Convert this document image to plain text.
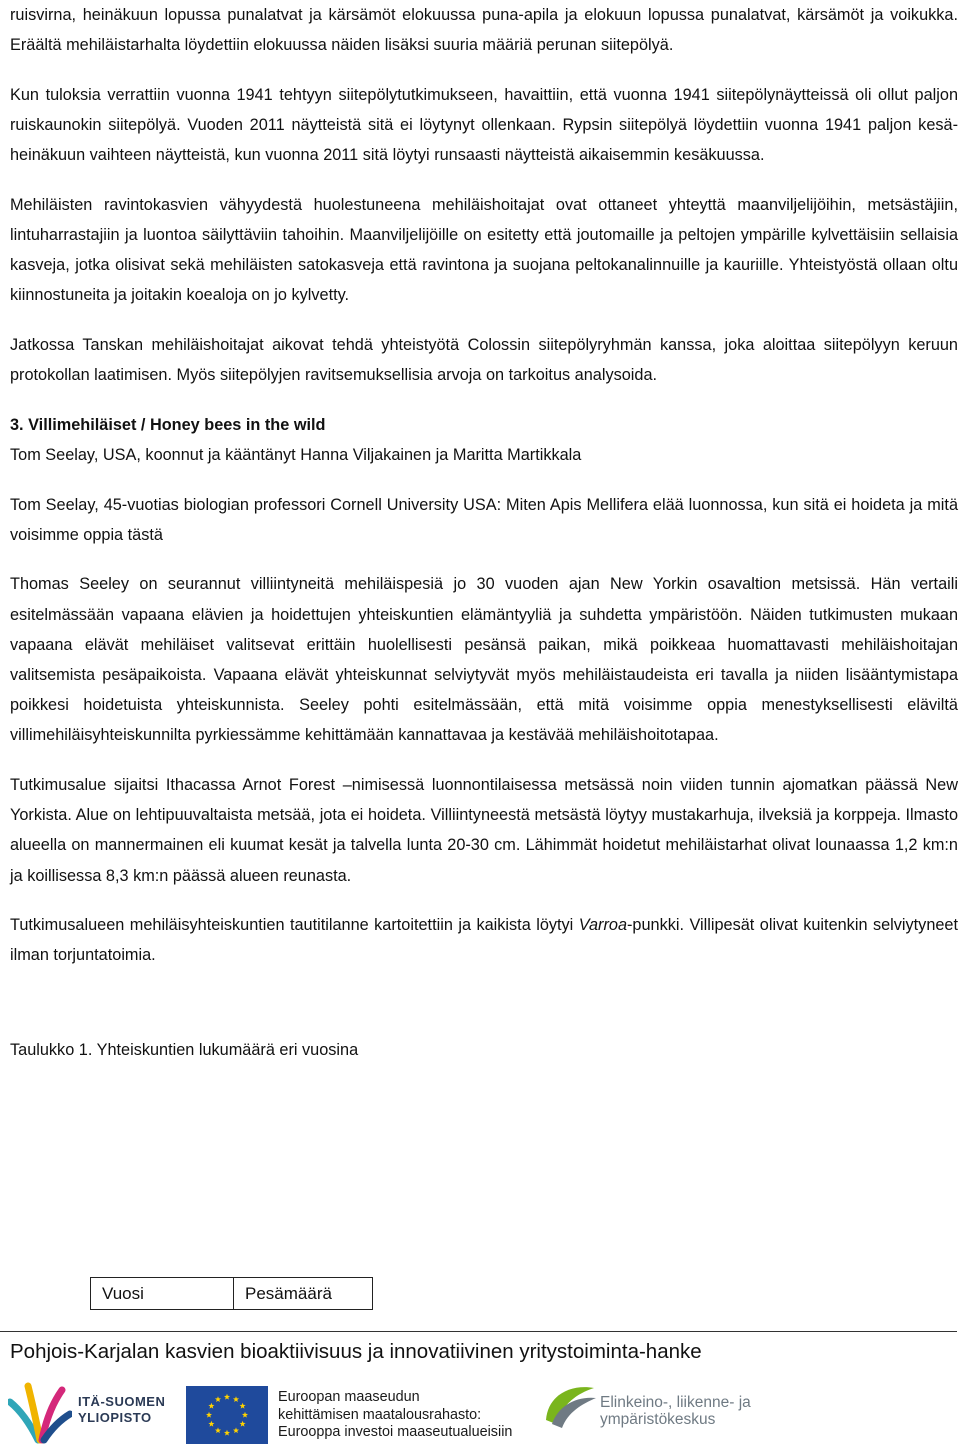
ruisvirna, heinäkuun lopussa punalatvat ja kärsämöt elokuussa puna-apila ja elokuun lopussa punalatvat, kärsämöt ja voikukka. Eräältä mehiläistarhalta löydettiin elokuussa näiden lisäksi suuria määriä perunan siitepölyä.

Kun tuloksia verrattiin vuonna 1941 tehtyyn siitepölytutkimukseen, havaittiin, että vuonna 1941 siitepölynäytteissä oli ollut paljon ruiskaunokin siitepölyä. Vuoden 2011 näytteistä sitä ei löytynyt ollenkaan. Rypsin siitepölyä löydettiin vuonna 1941 paljon kesä-heinäkuun vaihteen näytteistä, kun vuonna 2011 sitä löytyi runsaasti näytteistä aikaisemmin kesäkuussa.

Mehiläisten ravintokasvien vähyydestä huolestuneena mehiläishoitajat ovat ottaneet yhteyttä maanviljelijöihin, metsästäjiin, lintuharrastajiin ja luontoa säilyttäviin tahoihin. Maanviljelijöille on esitetty että joutomaille ja peltojen ympärille kylvettäisiin sellaisia kasveja, jotka olisivat sekä mehiläisten satokasveja että ravintona ja suojana peltokanalinnuille ja kauriille. Yhteistyöstä ollaan oltu kiinnostuneita ja joitakin koealoja on jo kylvetty.

Jatkossa Tanskan mehiläishoitajat aikovat tehdä yhteistyötä Colossin siitepölyryhmän kanssa, joka aloittaa siitepölyyn keruun protokollan laatimisen. Myös siitepölyjen ravitsemuksellisia arvoja on tarkoitus analysoida.

3. Villimehiläiset / Honey bees in the wild

Tom Seelay, USA, koonnut ja kääntänyt Hanna Viljakainen ja Maritta Martikkala

Tom Seelay, 45-vuotias biologian professori Cornell University USA: Miten Apis Mellifera elää luonnossa, kun sitä ei hoideta ja mitä voisimme oppia tästä

Thomas Seeley on seurannut villiintyneitä mehiläispesiä jo 30 vuoden ajan New Yorkin osavaltion metsissä. Hän vertaili esitelmässään vapaana elävien ja hoidettujen yhteiskuntien elämäntyyliä ja suhdetta ympäristöön. Näiden tutkimusten mukaan vapaana elävät mehiläiset valitsevat erittäin huolellisesti pesänsä paikan, mikä poikkeaa huomattavasti mehiläishoitajan valitsemista pesäpaikoista. Vapaana elävät yhteiskunnat selviytyvät myös mehiläistaudeista eri tavalla ja niiden lisääntymistapa poikkesi hoidetuista yhteiskunnista. Seeley pohti esitelmässään, että mitä voisimme oppia menestyksellisesti eläviltä villimehiläisyhteiskunnilta pyrkiessämme kehittämään kannattavaa ja kestävää mehiläishoitotapaa.

Tutkimusalue sijaitsi Ithacassa Arnot Forest –nimisessä luonnontilaisessa metsässä noin viiden tunnin ajomatkan päässä New Yorkista. Alue on lehtipuuvaltaista metsää, jota ei hoideta. Villiintyneestä metsästä löytyy mustakarhuja, ilveksiä ja korppeja. Ilmasto alueella on mannermainen eli kuumat kesät ja talvella lunta 20-30 cm. Lähimmät hoidetut mehiläistarhat olivat lounaassa 1,2 km:n ja koillisessa 8,3 km:n päässä alueen reunasta.

Tutkimusalueen mehiläisyhteiskuntien tautitilanne kartoitettiin ja kaikista löytyi Varroa-punkki. Villipesät olivat kuitenkin selviytyneet ilman torjuntatoimia.

Taulukko 1. Yhteiskuntien lukumäärä eri vuosina

Vuosi	Pesämäärä
Pohjois-Karjalan kasvien bioaktiivisuus ja innovatiivinen yritystoiminta-hanke
ITÄ-SUOMEN
YLIOPISTO
Euroopan maaseudun
kehittämisen maatalousrahasto:
Eurooppa investoi maaseutualueisiin
Elinkeino-, liikenne- ja
ympäristökeskus
